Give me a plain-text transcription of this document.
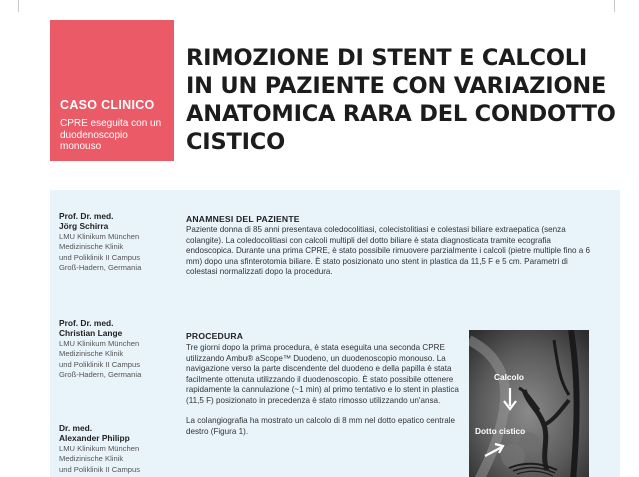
CASO CLINICO
CPRE eseguita con un duodenoscopio monouso
RIMOZIONE DI STENT E CALCOLI IN UN PAZIENTE CON VARIAZIONE ANATOMICA RARA DEL CONDOTTO CISTICO
Prof. Dr. med.
Jörg Schirra
LMU Klinikum München
Medizinische Klinik
und Poliklinik II Campus
Groß-Hadern, Germania
Prof. Dr. med.
Christian Lange
LMU Klinikum München
Medizinische Klinik
und Poliklinik II Campus
Groß-Hadern, Germania
Dr. med.
Alexander Philipp
LMU Klinikum München
Medizinische Klinik
und Poliklinik II Campus
ANAMNESI DEL PAZIENTE

Paziente donna di 85 anni presentava coledocolitiasi, colecistolitiasi e colestasi biliare extraepatica (senza colangite). La coledocolitiasi con calcoli multipli del dotto biliare è stata diagnosticata tramite ecografia endoscopica. Durante una prima CPRE, è stato possibile rimuovere parzialmente i calcoli (pietre multiple fino a 6 mm) dopo una sfinterotomia biliare. È stato posizionato uno stent in plastica da 11,5 F e 5 cm. Parametri di colestasi normalizzati dopo la procedura.

PROCEDURA

Tre giorni dopo la prima procedura, è stata eseguita una seconda CPRE utilizzando Ambu® aScope™ Duodeno, un duodenoscopio monouso. La navigazione verso la parte discendente del duodeno e della papilla è stata facilmente ottenuta utilizzando il duodenoscopio. È stato possibile ottenere rapidamente la cannulazione (~1 min) al primo tentativo e lo stent in plastica (11,5 F) posizionato in precedenza è stato rimosso utilizzando un'ansa.

La colangiografia ha mostrato un calcolo di 8 mm nel dotto epatico centrale destro (Figura 1).

Calcolo
Dotto cistico
